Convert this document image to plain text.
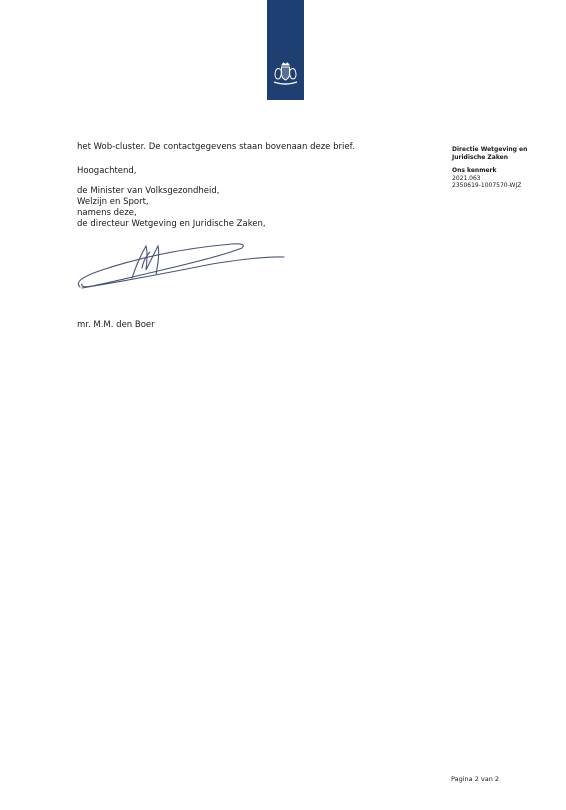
het Wob-cluster. De contactgegevens staan bovenaan deze brief.
Hoogachtend,
de Minister van Volksgezondheid,
Welzijn en Sport,
namens deze,
de directeur Wetgeving en Juridische Zaken,
mr. M.M. den Boer
Directie Wetgeving en
Juridische Zaken
Ons kenmerk
2021.063
2350619-1007570-WJZ
Pagina 2 van 2
